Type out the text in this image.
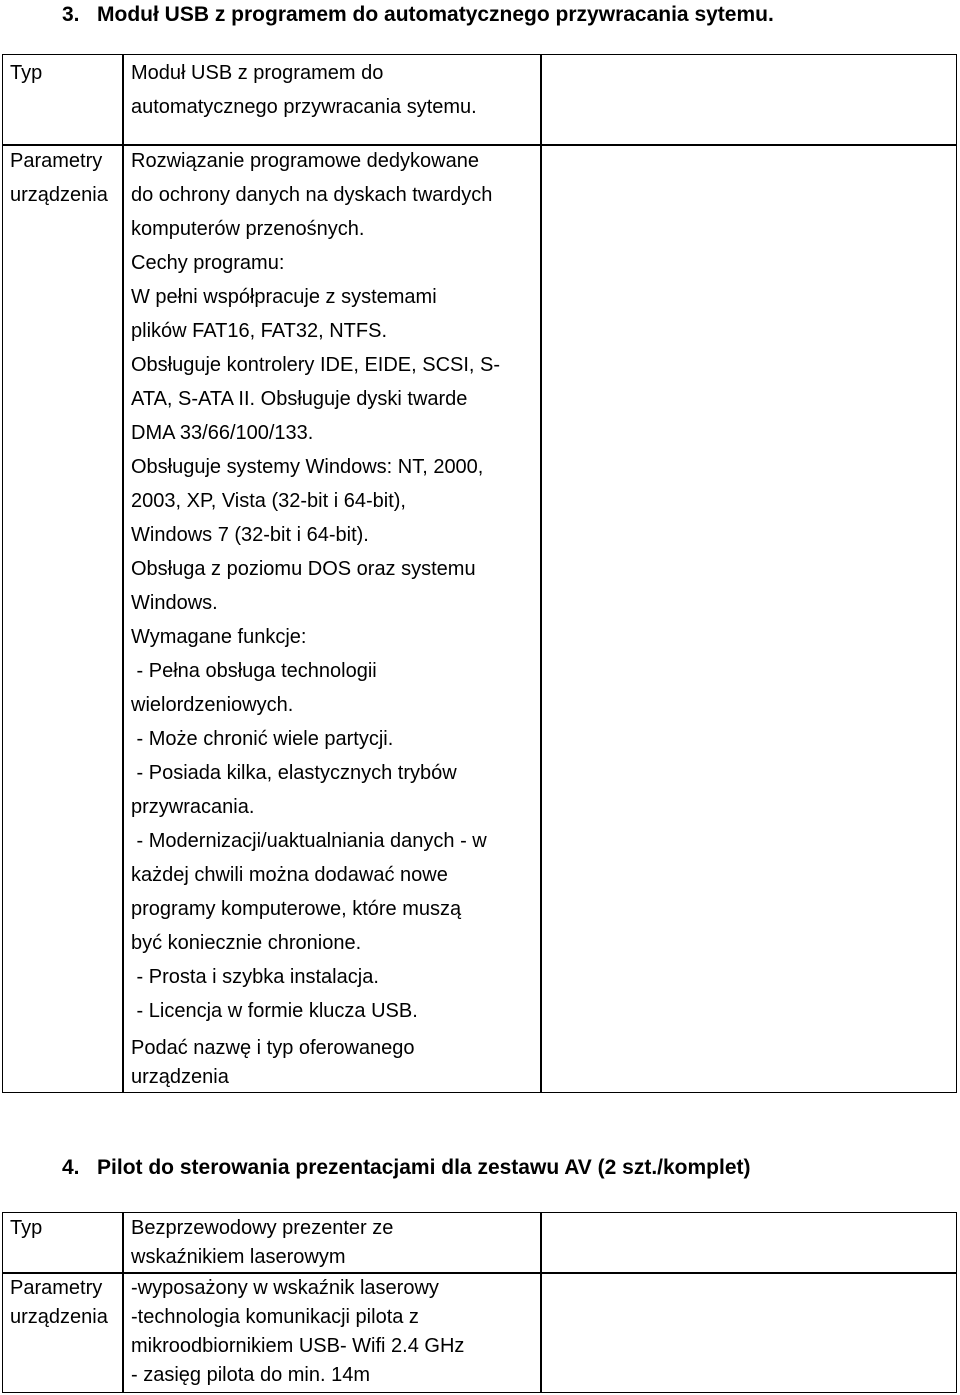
3.   Moduł USB z programem do automatycznego przywracania sytemu.
Typ	Moduł USB z programem do
automatycznego przywracania sytemu.
Parametry
urządzenia
Rozwiązanie programowe dedykowane
do ochrony danych na dyskach twardych
komputerów przenośnych.
Cechy programu:
W pełni współpracuje z systemami
plików FAT16, FAT32, NTFS.
Obsługuje kontrolery IDE, EIDE, SCSI, S-
ATA, S-ATA II. Obsługuje dyski twarde
DMA 33/66/100/133.
Obsługuje systemy Windows: NT, 2000,
2003, XP, Vista (32-bit i 64-bit),
Windows 7 (32-bit i 64-bit).
Obsługa z poziomu DOS oraz systemu
Windows.
Wymagane funkcje:
- Pełna obsługa technologii
wielordzeniowych.
- Może chronić wiele partycji.
- Posiada kilka, elastycznych trybów
przywracania.
- Modernizacji/uaktualniania danych - w
każdej chwili można dodawać nowe
programy komputerowe, które muszą
być koniecznie chronione.
- Prosta i szybka instalacja.
- Licencja w formie klucza USB.
Podać nazwę i typ oferowanego
urządzenia
4.   Pilot do sterowania prezentacjami dla zestawu AV (2 szt./komplet)
Typ	Bezprzewodowy prezenter ze
wskaźnikiem laserowym
Parametry
urządzenia
-wyposażony w wskaźnik laserowy
-technologia komunikacji pilota z
mikroodbiornikiem USB- Wifi 2.4 GHz
- zasięg pilota do min. 14m
